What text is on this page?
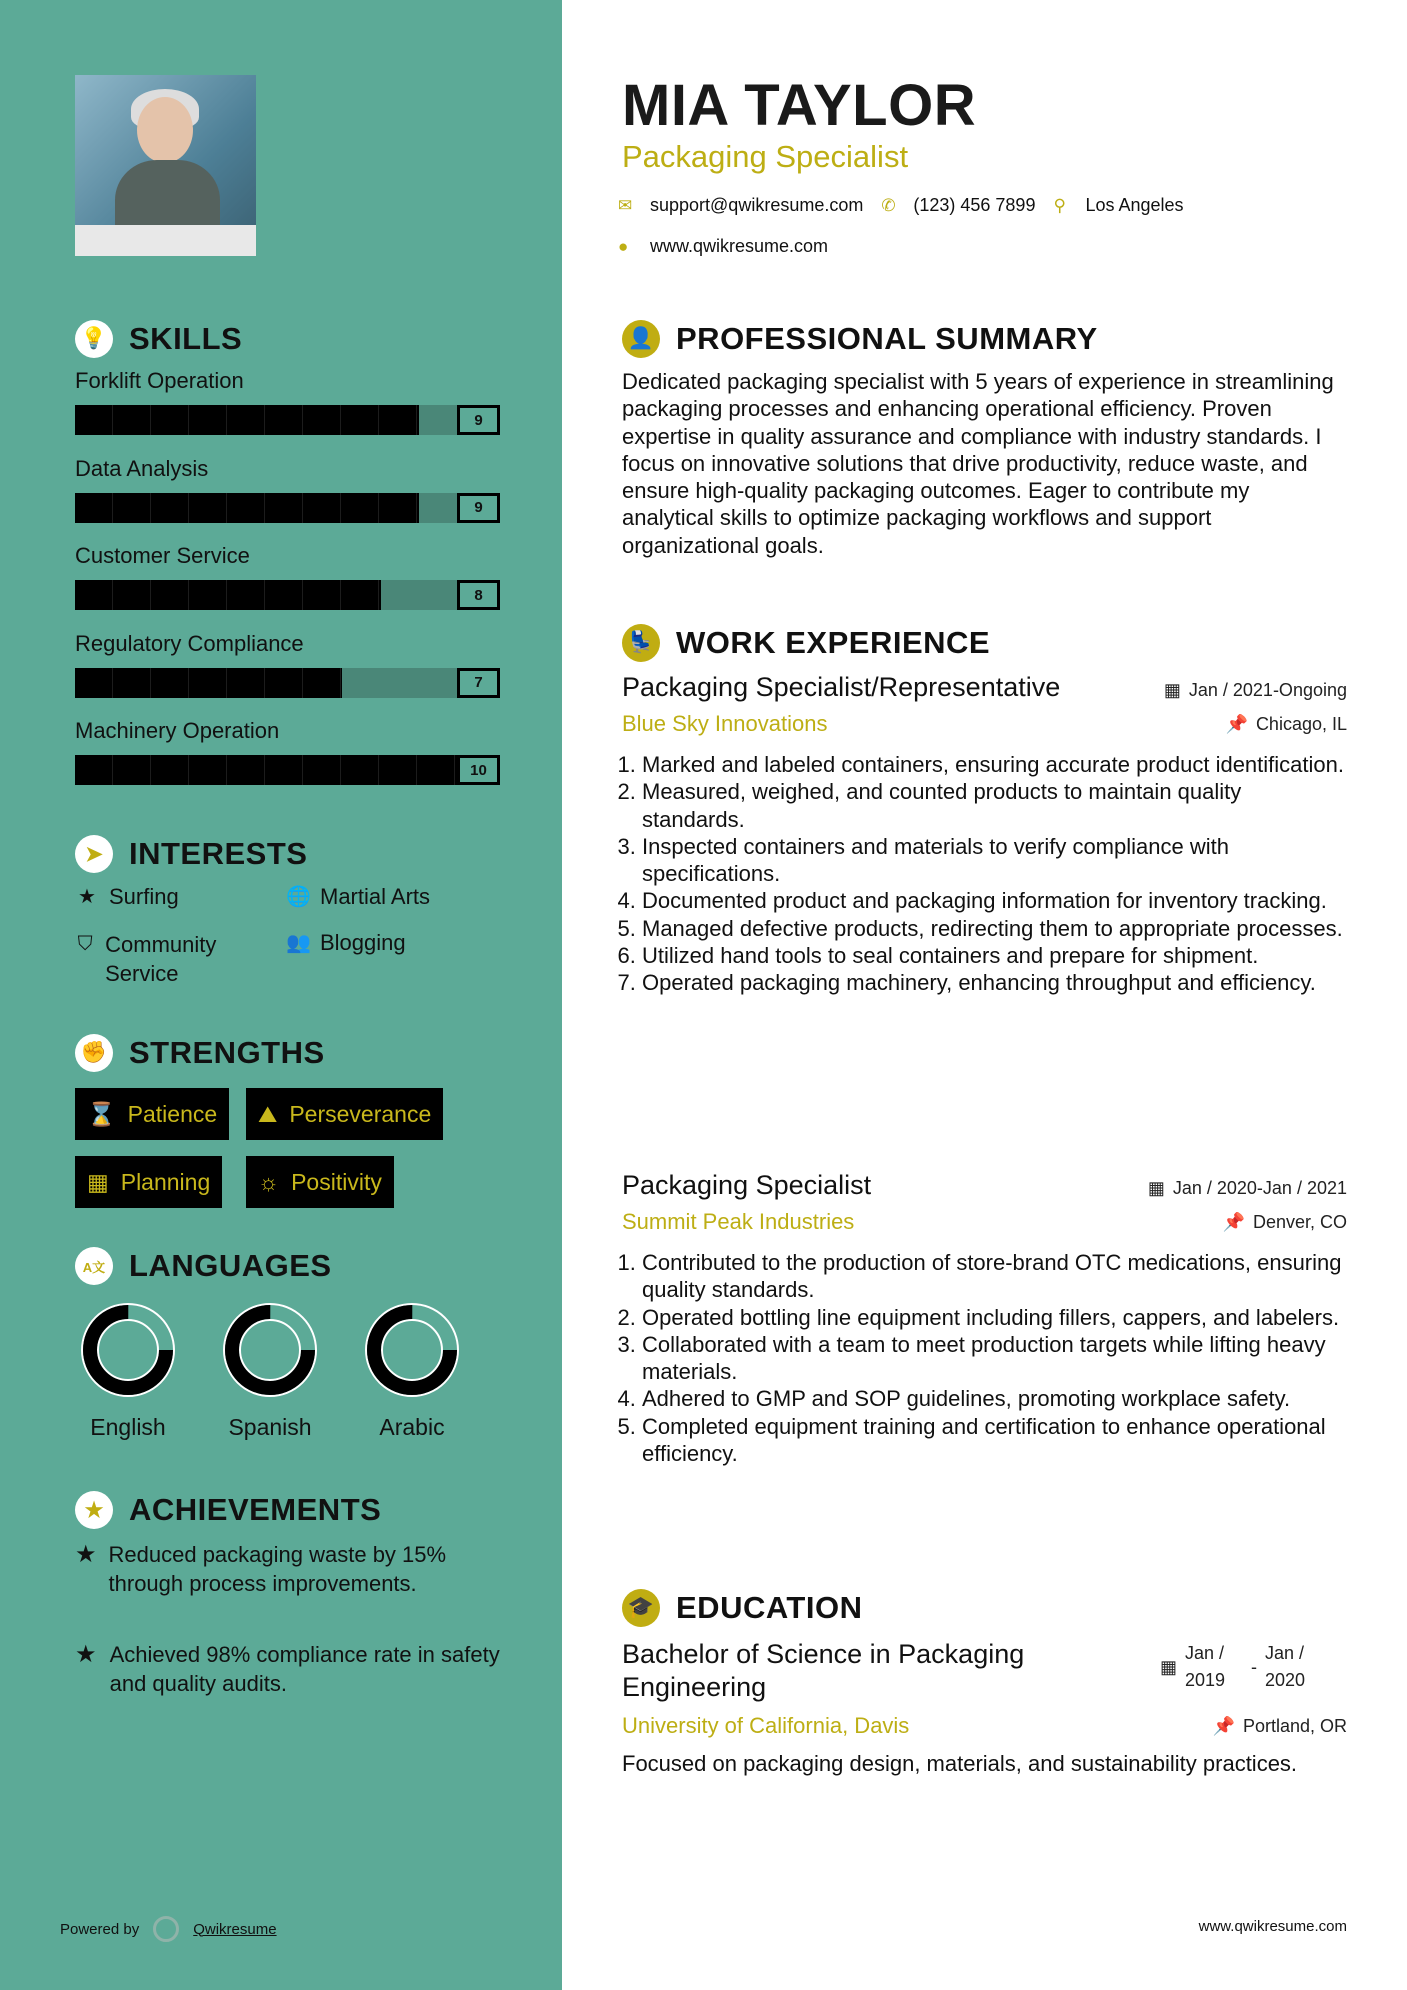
💡 SKILLS
Forklift Operation
9
Data Analysis
9
Customer Service
8
Regulatory Compliance
7
Machinery Operation
10
➤ INTERESTS
★ Surfing	🌐 Martial Arts
⛉ Community Service
👥 Blogging
✊ STRENGTHS
⌛ Patience ⛰ Perseverance
▦ Planning ☼ Positivity
A文 LANGUAGES
English	Spanish	Arabic
★ ACHIEVEMENTS
★ Reduced packaging waste by 15% through process improvements.
★ Achieved 98% compliance rate in safety and quality audits.
Powered by	Qwikresume
MIA TAYLOR
Packaging Specialist
✉ support@qwikresume.com ✆ (123) 456 7899 ⚲	Los Angeles
●	www.qwikresume.com
👤 PROFESSIONAL SUMMARY
Dedicated packaging specialist with 5 years of experience in streamlining packaging processes and enhancing operational efficiency. Proven expertise in quality assurance and compliance with industry standards. I focus on innovative solutions that drive productivity, reduce waste, and ensure high-quality packaging outcomes. Eager to contribute my analytical skills to optimize packaging workflows and support organizational goals.
💺 WORK EXPERIENCE
Packaging Specialist/Representative	▦ Jan / 2021-Ongoing
Blue Sky Innovations	📌 Chicago, IL
1. Marked and labeled containers, ensuring accurate product identification.
2. Measured, weighed, and counted products to maintain quality standards.
3. Inspected containers and materials to verify compliance with specifications.
4. Documented product and packaging information for inventory tracking.
5. Managed defective products, redirecting them to appropriate processes.
6. Utilized hand tools to seal containers and prepare for shipment.
7. Operated packaging machinery, enhancing throughput and efficiency.
Packaging Specialist	▦ Jan / 2020-Jan / 2021
Summit Peak Industries	📌 Denver, CO
1. Contributed to the production of store-brand OTC medications, ensuring quality standards.
2. Operated bottling line equipment including fillers, cappers, and labelers.
3. Collaborated with a team to meet production targets while lifting heavy materials.
4. Adhered to GMP and SOP guidelines, promoting workplace safety.
5. Completed equipment training and certification to enhance operational efficiency.
🎓 EDUCATION
Bachelor of Science in Packaging Engineering
▦
Jan / 2019
-
Jan / 2020
University of California, Davis	📌 Portland, OR
Focused on packaging design, materials, and sustainability practices.
www.qwikresume.com
